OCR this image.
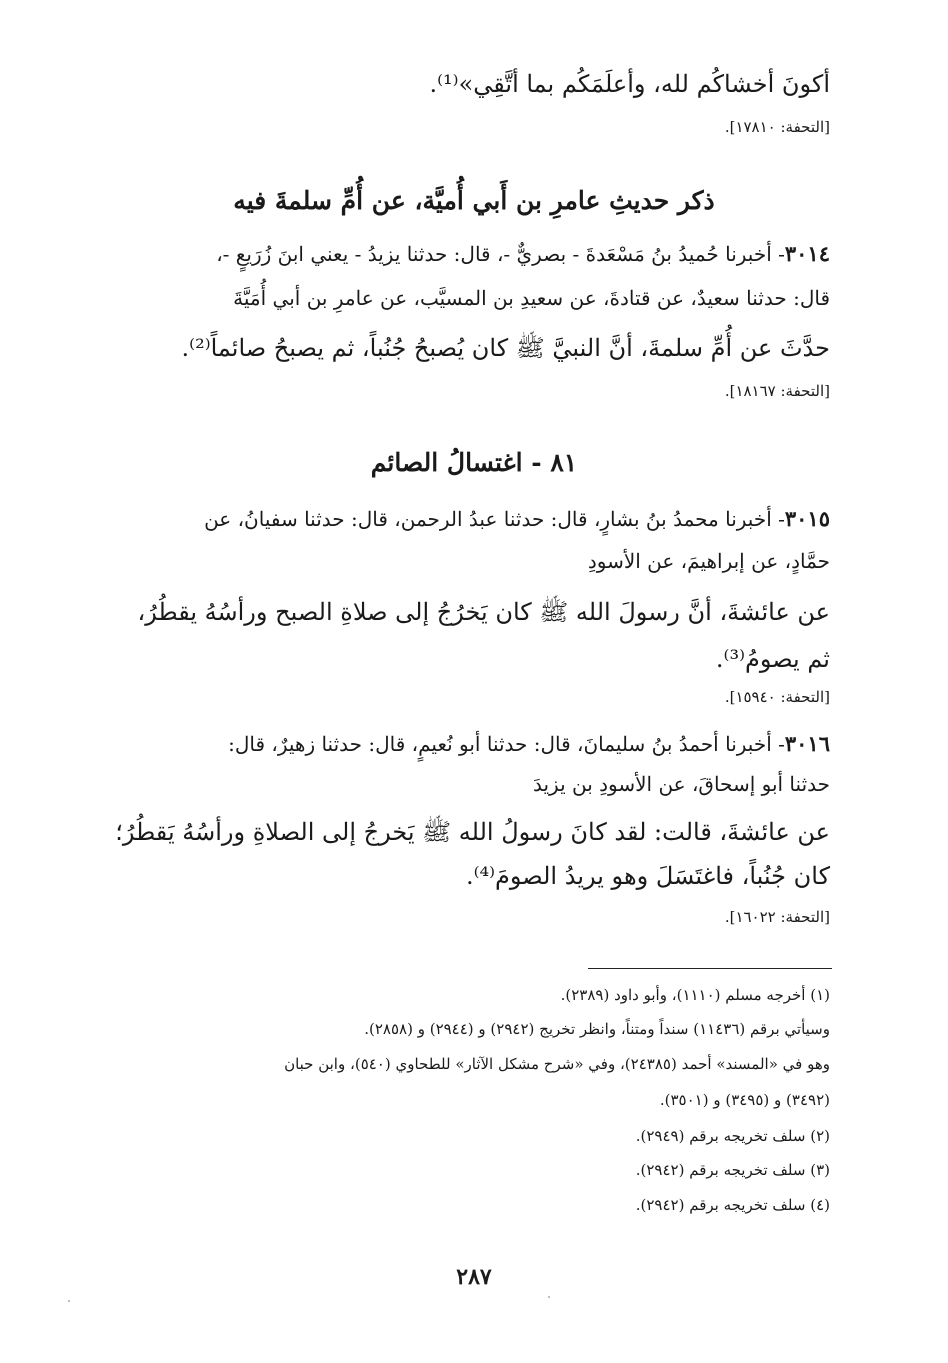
أكونَ أخشاكُم لله، وأعلَمَكُم بما أتَّقِي»⁽¹⁾.
[التحفة: ١٧٨١٠].
ذكر حديثِ عامرِ بن أَبي أُميَّة، عن أُمِّ سلمةَ فيه
٣٠١٤- أخبرنا حُميدُ بنُ مَسْعَدةَ - بصريٌّ -، قال: حدثنا يزيدُ - يعني ابنَ زُرَيعٍ -،
قال: حدثنا سعيدٌ، عن قتادةَ، عن سعيدِ بن المسيَّب، عن عامرِ بن أبي أُمَيَّةَ
حدَّثَ عن أُمِّ سلمةَ، أنَّ النبيَّ ﷺ كان يُصبحُ جُنُباً، ثم يصبحُ صائماً⁽²⁾.
[التحفة: ١٨١٦٧].
٨١ - اغتسالُ الصائم
٣٠١٥- أخبرنا محمدُ بنُ بشارٍ، قال: حدثنا عبدُ الرحمن، قال: حدثنا سفيانُ، عن
حمَّادٍ، عن إبراهيمَ، عن الأسودِ
عن عائشةَ، أنَّ رسولَ الله ﷺ كان يَخرُجُ إلى صلاةِ الصبح ورأسُهُ يقطُرُ،
ثم يصومُ⁽³⁾.
[التحفة: ١٥٩٤٠].
٣٠١٦- أخبرنا أحمدُ بنُ سليمانَ، قال: حدثنا أبو نُعيمٍ، قال: حدثنا زهيرٌ، قال:
حدثنا أبو إسحاقَ، عن الأسودِ بن يزيدَ
عن عائشةَ، قالت: لقد كانَ رسولُ الله ﷺ يَخرجُ إلى الصلاةِ ورأسُهُ يَقطُرُ؛
كان جُنُباً، فاغتَسَلَ وهو يريدُ الصومَ⁽⁴⁾.
[التحفة: ١٦٠٢٢].
(١) أخرجه مسلم (١١١٠)، وأبو داود (٢٣٨٩).
وسيأتي برقم (١١٤٣٦) سنداً ومتناً، وانظر تخريج (٢٩٤٢) و (٢٩٤٤) و (٢٨٥٨).
وهو في «المسند» أحمد (٢٤٣٨٥)، وفي «شرح مشكل الآثار» للطحاوي (٥٤٠)، وابن حبان
(٣٤٩٢) و (٣٤٩٥) و (٣٥٠١).
(٢) سلف تخريجه برقم (٢٩٤٩).
(٣) سلف تخريجه برقم (٢٩٤٢).
(٤) سلف تخريجه برقم (٢٩٤٢).
٢٨٧
